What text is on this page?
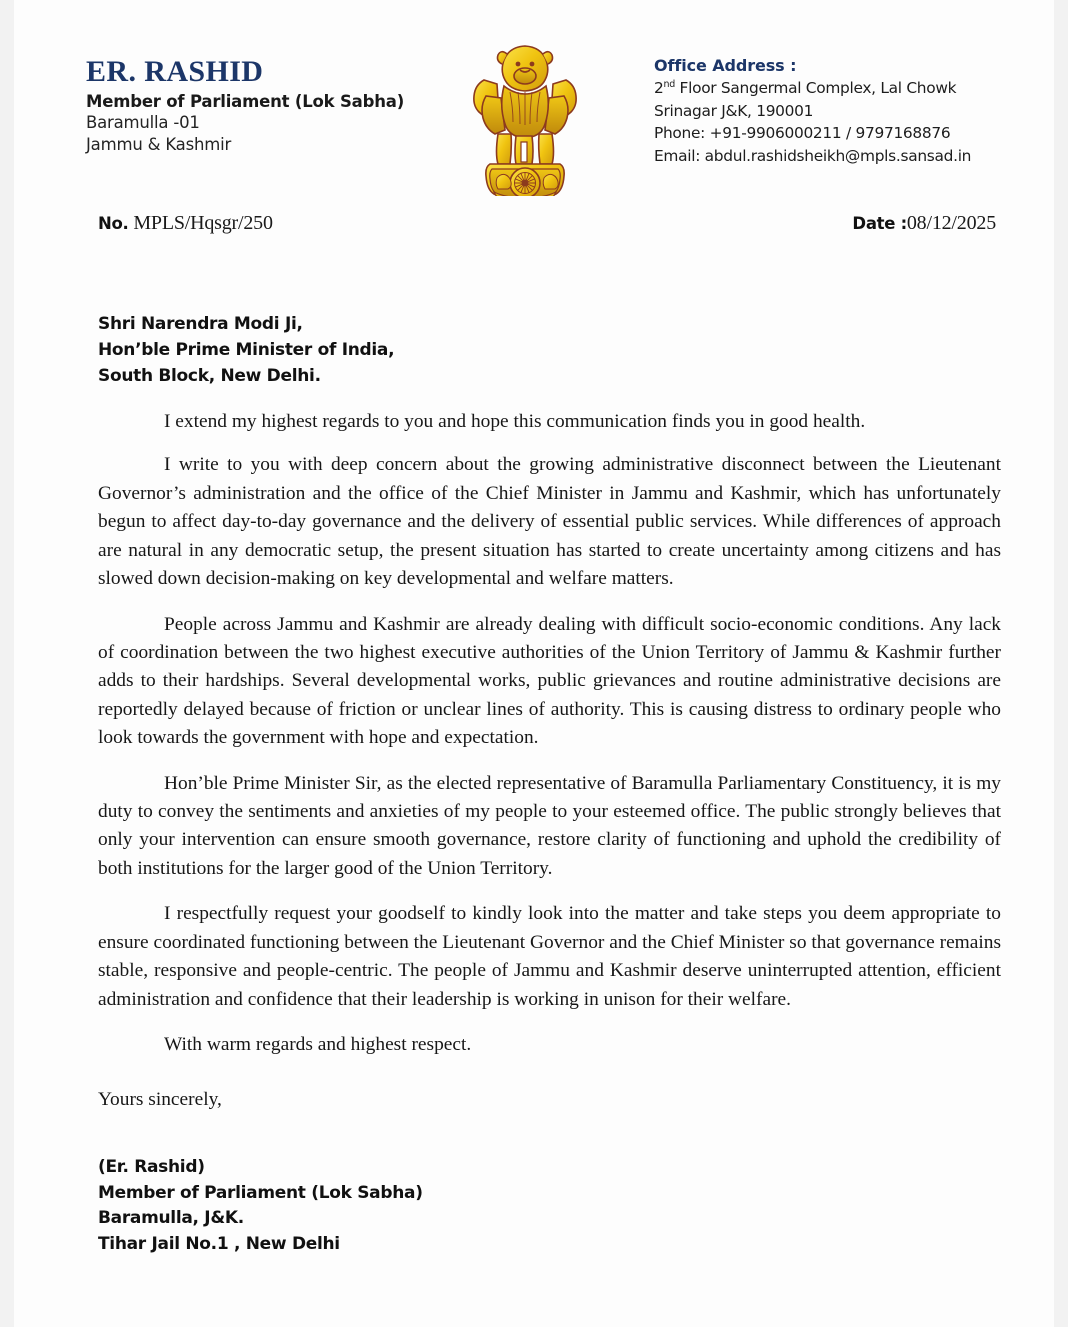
ER. RASHID
Member of Parliament (Lok Sabha)
Baramulla -01
Jammu & Kashmir
Office Address :
2nd Floor Sangermal Complex, Lal Chowk
Srinagar J&K, 190001
Phone: +91-9906000211 / 9797168876
Email: abdul.rashidsheikh@mpls.sansad.in
No. MPLS/Hqsgr/250	Date :08/12/2025
Shri Narendra Modi Ji,
Hon’ble Prime Minister of India,
South Block, New Delhi.

I extend my highest regards to you and hope this communication finds you in good health.

I write to you with deep concern about the growing administrative disconnect between the Lieutenant Governor’s administration and the office of the Chief Minister in Jammu and Kashmir, which has unfortunately begun to affect day-to-day governance and the delivery of essential public services. While differences of approach are natural in any democratic setup, the present situation has started to create uncertainty among citizens and has slowed down decision-making on key developmental and welfare matters.

People across Jammu and Kashmir are already dealing with difficult socio-economic conditions. Any lack of coordination between the two highest executive authorities of the Union Territory of Jammu & Kashmir further adds to their hardships. Several developmental works, public grievances and routine administrative decisions are reportedly delayed because of friction or unclear lines of authority. This is causing distress to ordinary people who look towards the government with hope and expectation.

Hon’ble Prime Minister Sir, as the elected representative of Baramulla Parliamentary Constituency, it is my duty to convey the sentiments and anxieties of my people to your esteemed office. The public strongly believes that only your intervention can ensure smooth governance, restore clarity of functioning and uphold the credibility of both institutions for the larger good of the Union Territory.

I respectfully request your goodself to kindly look into the matter and take steps you deem appropriate to ensure coordinated functioning between the Lieutenant Governor and the Chief Minister so that governance remains stable, responsive and people-centric. The people of Jammu and Kashmir deserve uninterrupted attention, efficient administration and confidence that their leadership is working in unison for their welfare.

With warm regards and highest respect.

Yours sincerely,

(Er. Rashid)
Member of Parliament (Lok Sabha)
Baramulla, J&K.
Tihar Jail No.1 , New Delhi
